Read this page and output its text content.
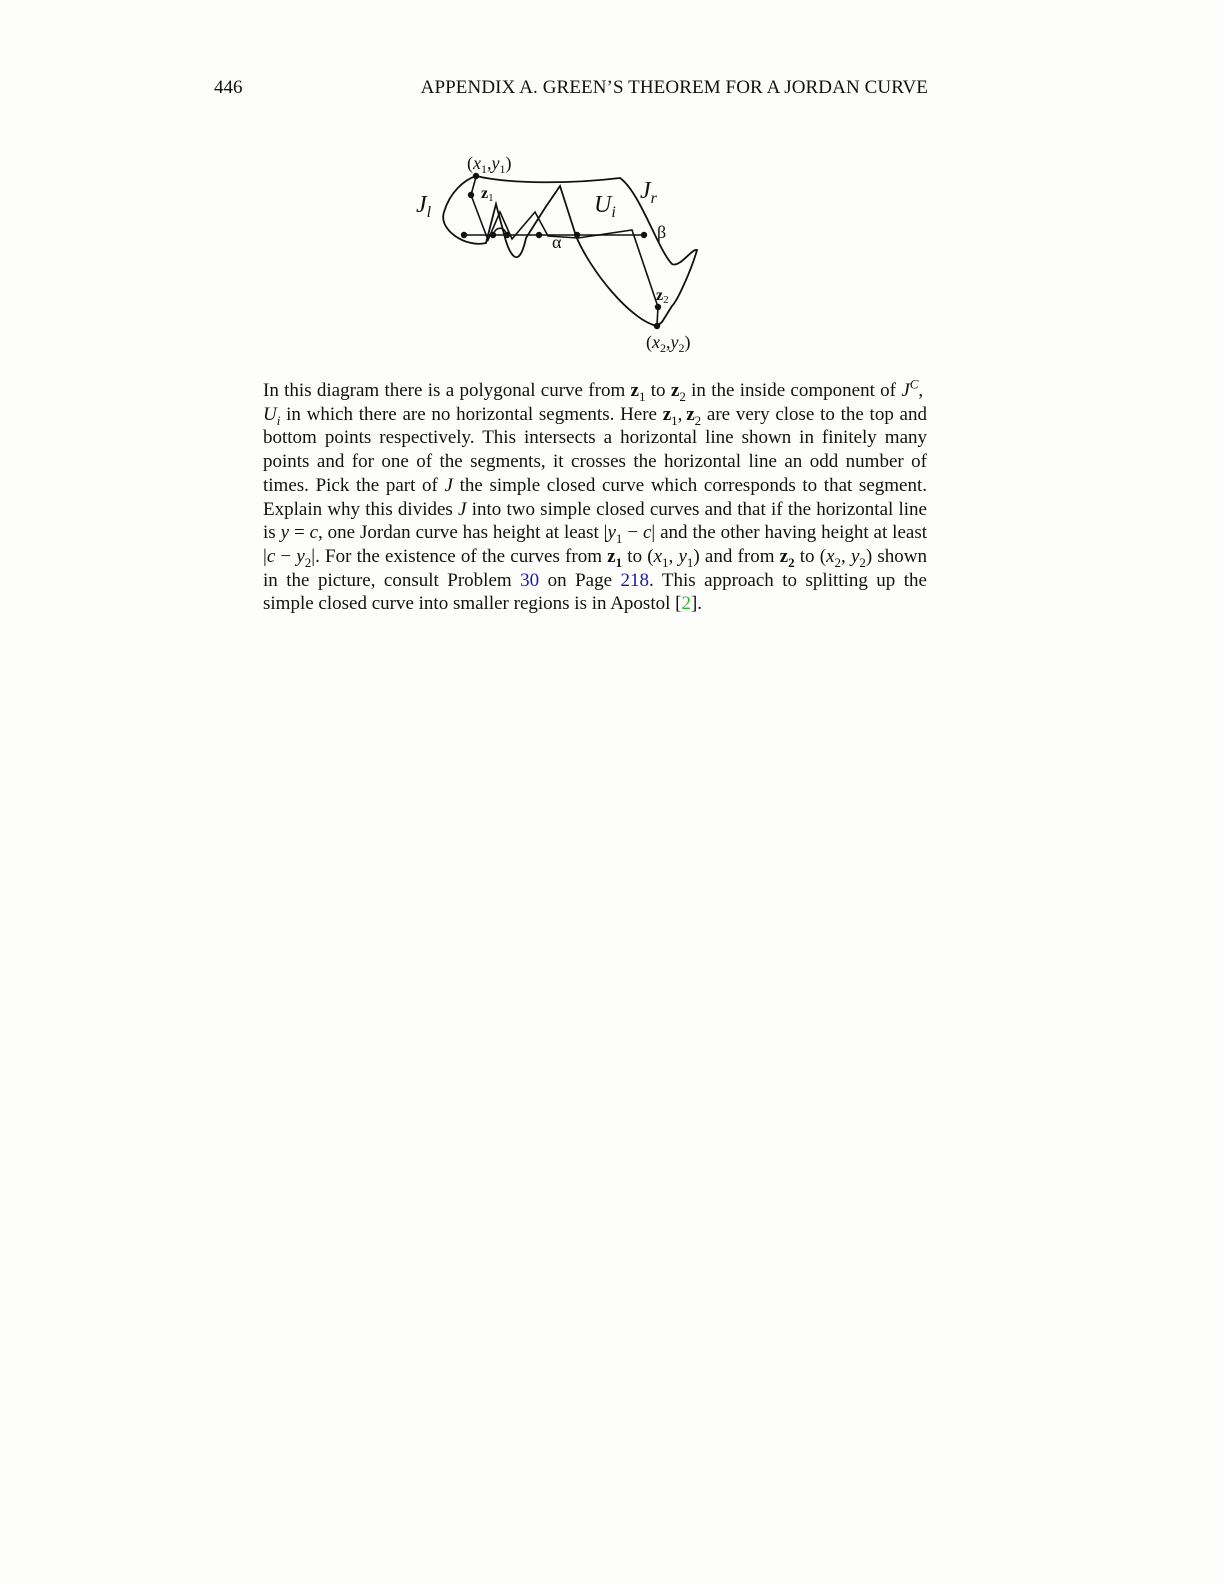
446	APPENDIX A. GREEN’S THEOREM FOR A JORDAN CURVE
$(x_1,y_1)$
z1
$J_l$	$U_i$
$J_r$
α	β
z2
$(x_2,y_2)$

In this diagram there is a polygonal curve from $z_1$ to $z_2$ in the inside component of $J^C$, $U_i$ in which there are no horizontal segments. Here $z_1$, $z_2$ are very close to the top and bottom points respectively. This intersects a horizontal line shown in finitely many points and for one of the segments, it crosses the horizontal line an odd number of times. Pick the part of J the simple closed curve which corresponds to that segment. Explain why this divides J into two simple closed curves and that if the horizontal line is y = c, one Jordan curve has height at least $|y_1 - c|$ and the other having height at least $|c - y_2|$. For the existence of the curves from $z_1$ to ($x_1$, $y_1$) and from $z_2$ to ($x_2$, $y_2$) shown in the picture, consult Problem 30 on Page 218. This approach to splitting up the simple closed curve into smaller regions is in Apostol [2].
